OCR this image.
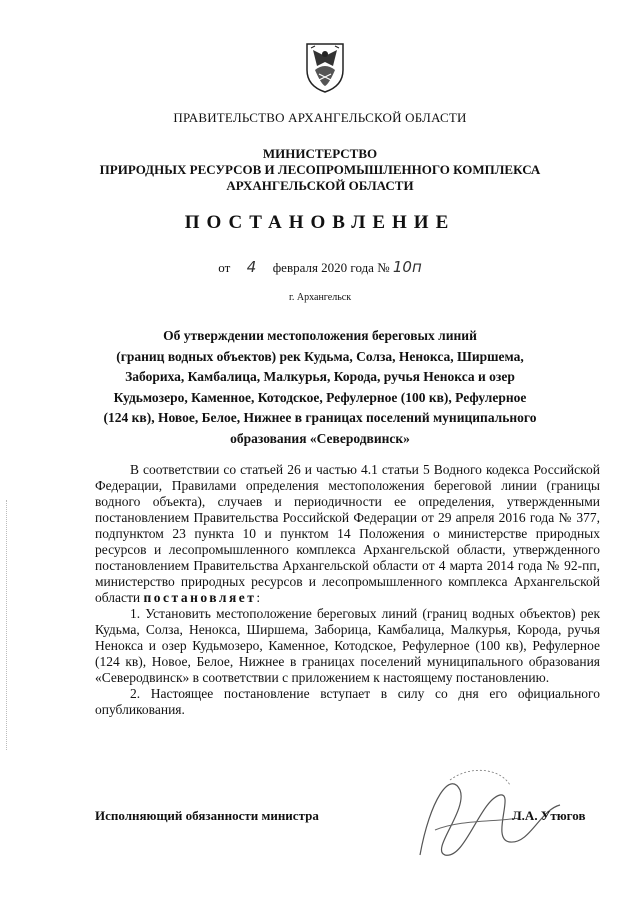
ПРАВИТЕЛЬСТВО АРХАНГЕЛЬСКОЙ ОБЛАСТИ
МИНИСТЕРСТВО
ПРИРОДНЫХ РЕСУРСОВ И ЛЕСОПРОМЫШЛЕННОГО КОМПЛЕКСА
АРХАНГЕЛЬСКОЙ ОБЛАСТИ
ПОСТАНОВЛЕНИЕ
от 4 февраля 2020 года № 10п
г. Архангельск
Об утверждении местоположения береговых линий
(границ водных объектов) рек Кудьма, Солза, Ненокса, Ширшема,
Забориха, Камбалица, Малкурья, Корода, ручья Ненокса и озер
Кудьмозеро, Каменное, Котодское, Рефулерное (100 кв), Рефулерное
(124 кв), Новое, Белое, Нижнее в границах поселений муниципального
образования «Северодвинск»

В соответствии со статьей 26 и частью 4.1 статьи 5 Водного кодекса Российской Федерации, Правилами определения местоположения береговой линии (границы водного объекта), случаев и периодичности ее определения, утвержденными постановлением Правительства Российской Федерации от 29 апреля 2016 года № 377, подпунктом 23 пункта 10 и пунктом 14 Положения о министерстве природных ресурсов и лесопромышленного комплекса Архангельской области, утвержденного постановлением Правительства Архангельской области от 4 марта 2014 года № 92-пп, министерство природных ресурсов и лесопромышленного комплекса Архангельской области постановляет:

1. Установить местоположение береговых линий (границ водных объектов) рек Кудьма, Солза, Ненокса, Ширшема, Заборица, Камбалица, Малкурья, Корода, ручья Ненокса и озер Кудьмозеро, Каменное, Котодское, Рефулерное (100 кв), Рефулерное (124 кв), Новое, Белое, Нижнее в границах поселений муниципального образования «Северодвинск» в соответствии с приложением к настоящему постановлению.

2. Настоящее постановление вступает в силу со дня его официального опубликования.

Исполняющий обязанности министра	Л.А. Утюгов
